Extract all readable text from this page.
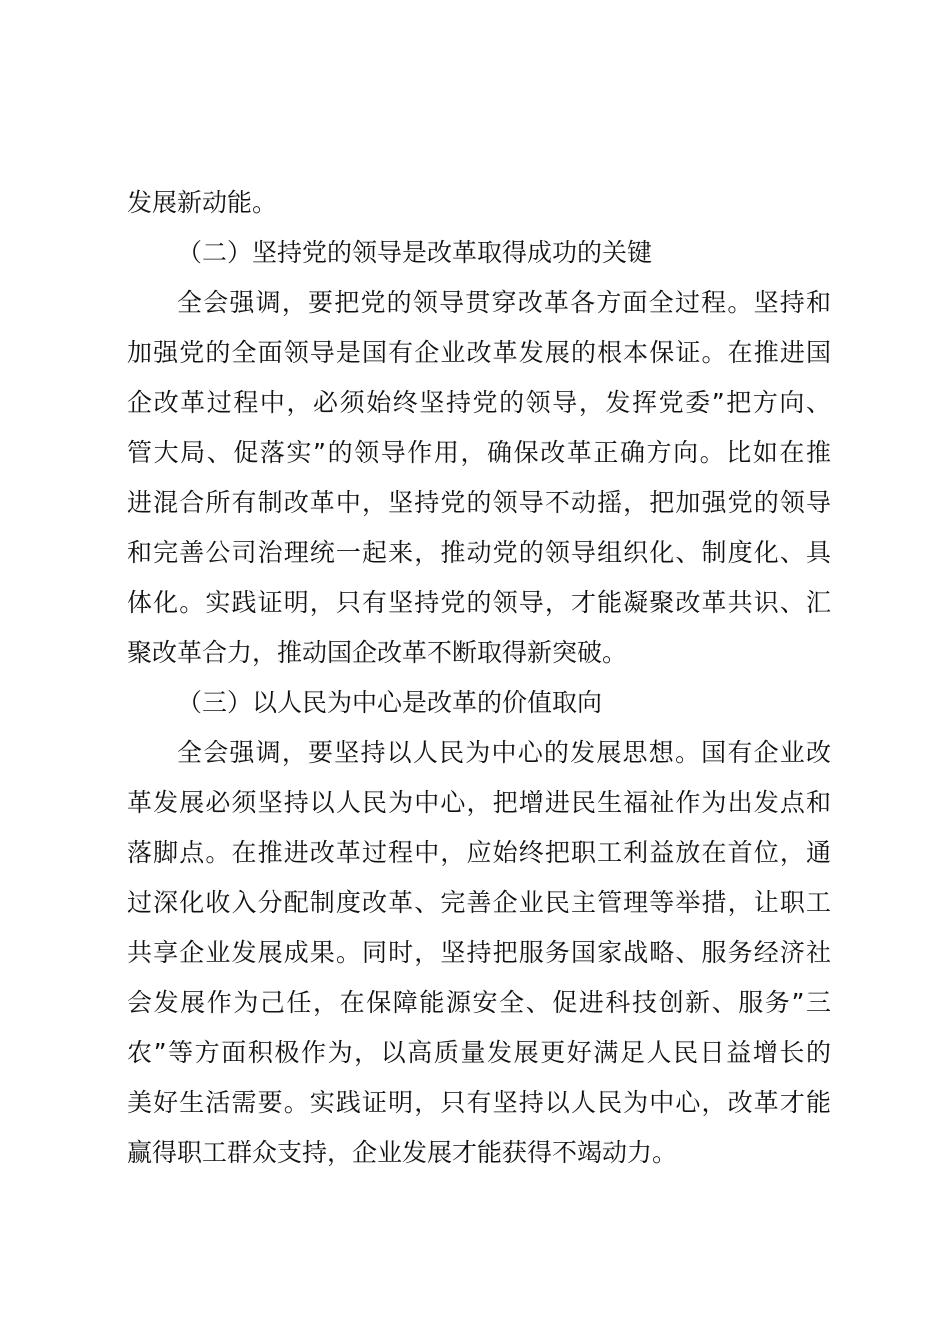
发展新动能。
（二）坚持党的领导是改革取得成功的关键
全会强调，要把党的领导贯穿改革各方面全过程。坚持和
加强党的全面领导是国有企业改革发展的根本保证。在推进国
企改革过程中，必须始终坚持党的领导，发挥党委”把方向、
管大局、促落实”的领导作用，确保改革正确方向。比如在推
进混合所有制改革中，坚持党的领导不动摇，把加强党的领导
和完善公司治理统一起来，推动党的领导组织化、制度化、具
体化。实践证明，只有坚持党的领导，才能凝聚改革共识、汇
聚改革合力，推动国企改革不断取得新突破。
（三）以人民为中心是改革的价值取向
全会强调，要坚持以人民为中心的发展思想。国有企业改
革发展必须坚持以人民为中心，把增进民生福祉作为出发点和
落脚点。在推进改革过程中，应始终把职工利益放在首位，通
过深化收入分配制度改革、完善企业民主管理等举措，让职工
共享企业发展成果。同时，坚持把服务国家战略、服务经济社
会发展作为己任，在保障能源安全、促进科技创新、服务”三
农”等方面积极作为，以高质量发展更好满足人民日益增长的
美好生活需要。实践证明，只有坚持以人民为中心，改革才能
赢得职工群众支持，企业发展才能获得不竭动力。
